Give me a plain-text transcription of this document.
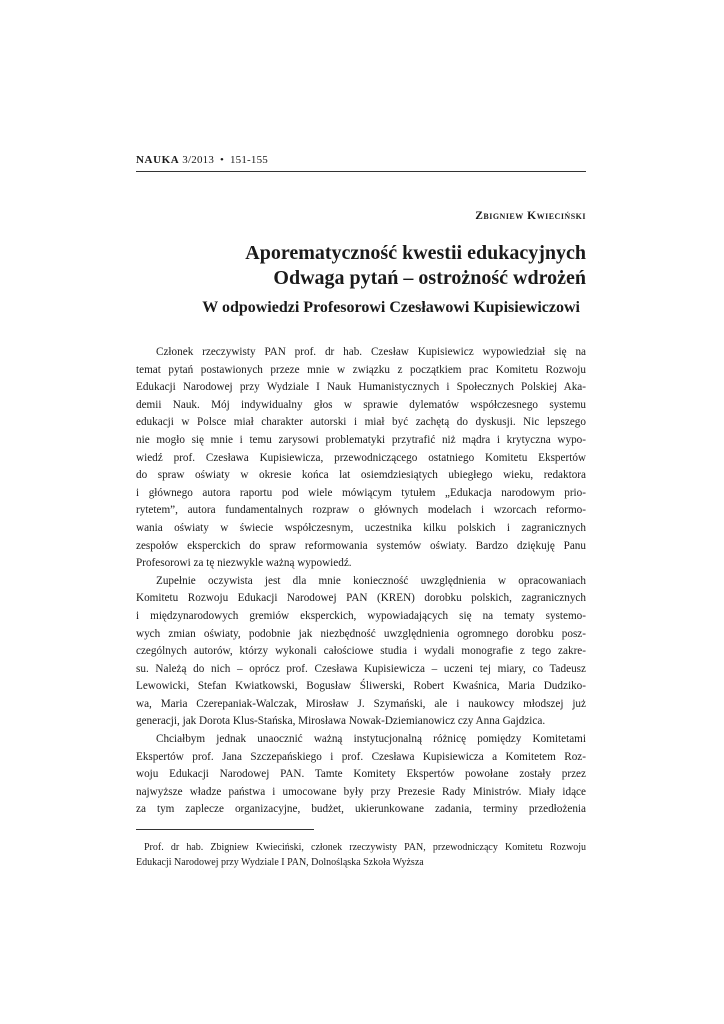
NAUKA 3/2013 • 151-155
Zbigniew Kwieciński
Aporematyczność kwestii edukacyjnych
Odwaga pytań – ostrożność wdrożeń
W odpowiedzi Profesorowi Czesławowi Kupisiewiczowi
Członek rzeczywisty PAN prof. dr hab. Czesław Kupisiewicz wypowiedział się na
temat pytań postawionych przeze mnie w związku z początkiem prac Komitetu Rozwoju
Edukacji Narodowej przy Wydziale I Nauk Humanistycznych i Społecznych Polskiej Aka-
demii Nauk. Mój indywidualny głos w sprawie dylematów współczesnego systemu
edukacji w Polsce miał charakter autorski i miał być zachętą do dyskusji. Nic lepszego
nie mogło się mnie i temu zarysowi problematyki przytrafić niż mądra i krytyczna wypo-
wiedź prof. Czesława Kupisiewicza, przewodniczącego ostatniego Komitetu Ekspertów
do spraw oświaty w okresie końca lat osiemdziesiątych ubiegłego wieku, redaktora
i głównego autora raportu pod wiele mówiącym tytułem „Edukacja narodowym prio-
rytetem”, autora fundamentalnych rozpraw o głównych modelach i wzorcach reformo-
wania oświaty w świecie współczesnym, uczestnika kilku polskich i zagranicznych
zespołów eksperckich do spraw reformowania systemów oświaty. Bardzo dziękuję Panu
Profesorowi za tę niezwykle ważną wypowiedź.
Zupełnie oczywista jest dla mnie konieczność uwzględnienia w opracowaniach
Komitetu Rozwoju Edukacji Narodowej PAN (KREN) dorobku polskich, zagranicznych
i międzynarodowych gremiów eksperckich, wypowiadających się na tematy systemo-
wych zmian oświaty, podobnie jak niezbędność uwzględnienia ogromnego dorobku posz-
czególnych autorów, którzy wykonali całościowe studia i wydali monografie z tego zakre-
su. Należą do nich – oprócz prof. Czesława Kupisiewicza – uczeni tej miary, co Tadeusz
Lewowicki, Stefan Kwiatkowski, Bogusław Śliwerski, Robert Kwaśnica, Maria Dudziko-
wa, Maria Czerepaniak-Walczak, Mirosław J. Szymański, ale i naukowcy młodszej już
generacji, jak Dorota Klus-Stańska, Mirosława Nowak-Dziemianowicz czy Anna Gajdzica.
Chciałbym jednak unaocznić ważną instytucjonalną różnicę pomiędzy Komitetami
Ekspertów prof. Jana Szczepańskiego i prof. Czesława Kupisiewicza a Komitetem Roz-
woju Edukacji Narodowej PAN. Tamte Komitety Ekspertów powołane zostały przez
najwyższe władze państwa i umocowane były przy Prezesie Rady Ministrów. Miały idące
za tym zaplecze organizacyjne, budżet, ukierunkowane zadania, terminy przedłożenia
Prof. dr hab. Zbigniew Kwieciński, członek rzeczywisty PAN, przewodniczący Komitetu Rozwoju
Edukacji Narodowej przy Wydziale I PAN, Dolnośląska Szkoła Wyższa
